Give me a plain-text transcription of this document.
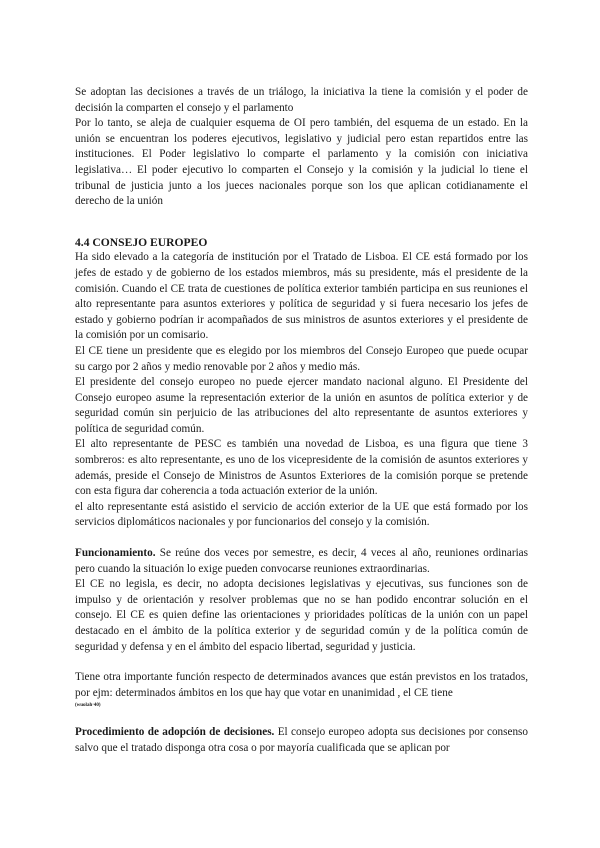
Se adoptan las decisiones a través de un triálogo, la iniciativa la tiene la comisión y el poder de decisión la comparten el consejo y el parlamento

Por lo tanto, se aleja de cualquier esquema de OI pero también, del esquema de un estado. En la unión se encuentran los poderes ejecutivos, legislativo y judicial pero estan repartidos entre las instituciones. El Poder legislativo lo comparte el parlamento y la comisión con iniciativa legislativa… El poder ejecutivo lo comparten el Consejo y la comisión y la judicial lo tiene el tribunal de justicia junto a los jueces nacionales porque son los que aplican cotidianamente el derecho de la unión

4.4 CONSEJO EUROPEO

Ha sido elevado a la categoría de institución por el Tratado de Lisboa. El CE está formado por los jefes de estado y de gobierno de los estados miembros, más su presidente, más el presidente de la comisión. Cuando el CE trata de cuestiones de política exterior también participa en sus reuniones el alto representante para asuntos exteriores y política de seguridad y si fuera necesario los jefes de estado y gobierno podrían ir acompañados de sus ministros de asuntos exteriores y el presidente de la comisión por un comisario.

El CE tiene un presidente que es elegido por los miembros del Consejo Europeo que puede ocupar su cargo por 2 años y medio renovable por 2 años y medio más.

El presidente del consejo europeo no puede ejercer mandato nacional alguno. El Presidente del Consejo europeo asume la representación exterior de la unión en asuntos de política exterior y de seguridad común sin perjuicio de las atribuciones del alto representante de asuntos exteriores y política de seguridad común.

El alto representante de PESC es también una novedad de Lisboa, es una figura que tiene 3 sombreros: es alto representante, es uno de los vicepresidente de la comisión de asuntos exteriores y además, preside el Consejo de Ministros de Asuntos Exteriores de la comisión porque se pretende con esta figura dar coherencia a toda actuación exterior de la unión.

el alto representante está asistido el servicio de acción exterior de la UE que está formado por los servicios diplomáticos nacionales y por funcionarios del consejo y la comisión.

Funcionamiento. Se reúne dos veces por semestre, es decir, 4 veces al año, reuniones ordinarias pero cuando la situación lo exige pueden convocarse reuniones extraordinarias.

El CE no legisla, es decir, no adopta decisiones legislativas y ejecutivas, sus funciones son de impulso y de orientación y resolver problemas que no se han podido encontrar solución en el consejo. El CE es quien define las orientaciones y prioridades políticas de la unión con un papel destacado en el ámbito de la política exterior y de seguridad común y de la política común de seguridad y defensa y en el ámbito del espacio libertad, seguridad y justicia.

Tiene otra importante función respecto de determinados avances que están previstos en los tratados, por ejm: determinados ámbitos en los que hay que votar en unanimidad , el CE tiene

(wuolah·40)

Procedimiento de adopción de decisiones. El consejo europeo adopta sus decisiones por consenso salvo que el tratado disponga otra cosa o por mayoría cualificada que se aplican por
